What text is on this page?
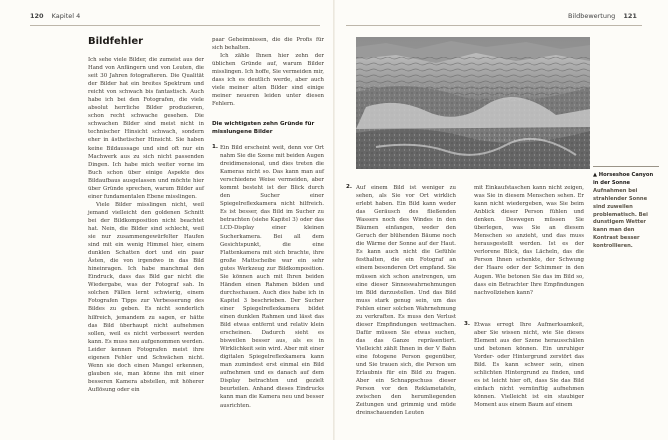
120 Kapitel 4	Bildbewertung 121
Bildfehler

Ich sehe viele Bilder, die zumeist aus der Hand von Anfängern und von Leuten, die seit 30 Jahren fotografieren. Die Qualität der Bilder hat ein breites Spektrum und reicht von schwach bis fantastisch. Auch habe ich bei den Fotografen, die viele absolut herrliche Bilder produzieren, schon recht schwache gesehen. Die schwachen Bilder sind meist nicht in technischer Hinsicht schwach, sondern eher in ästhetischer Hinsicht. Sie haben keine Bildaussage und sind oft nur ein Machwerk aus zu sich nicht passenden Dingen. Ich habe mich weiter vorne im Buch schon über einige Aspekte des Bildaufbaus ausgelassen und möchte hier über Gründe sprechen, warum Bilder auf einer fundamentalen Ebene misslingen.

Viele Bilder misslingen nicht, weil jemand vielleicht den goldenen Schnitt bei der Bildkomposition nicht beachtet hat. Nein, die Bilder sind schlecht, weil sie nur zusammengewürfelter Haufen sind mit ein wenig Himmel hier, einem dunklen Schatten dort und ein paar Ästen, die von irgendwo in das Bild hineinragen. Ich habe manchmal den Eindruck, dass das Bild gar nicht die Wiedergabe, was der Fotograf sah. In solchen Fällen lernt schwierig, einem Fotografen Tipps zur Verbesserung des Bildes zu geben. Es nicht sonderlich hilfreich, jemandem zu sagen, er hätte das Bild überhaupt nicht aufnehmen sollen, weil es nicht verbessert werden kann. Es muss neu aufgenommen werden. Leider kennen Fotografen meist ihre eigenen Fehler und Schwächen nicht. Wenn sie doch einen Mangel erkennen, glauben sie, man könne ihn mit einer besseren Kamera abstellen, mit höherer Auflösung oder ein

paar Geheimnissen, die die Profis für sich behalten.

Ich zähle Ihnen hier zehn der üblichen Gründe auf, warum Bilder misslingen. Ich hoffe, Sie vermeiden mir, dass ich es deutlich werde, aber auch viele meiner alten Bilder sind einige meiner neueren leiden unter diesen Fehlern.

Die wichtigsten zehn Gründe für misslungene Bilder
1. Ein Bild erscheint weit, denn vor Ort nahm Sie die Szene mit beiden Augen dreidimensional, und dies treten die Kameras nicht so. Das kann man auf verschiedene Weise vermeiden, aber kommt besteht ist der Blick durch den Sucher einer Spiegelreflexkamera nicht hilfreich. Es ist besser, das Bild im Sucher zu betrachten (siehe Kapitel 3) oder das LCD-Display einer kleinen Sucherkamera. Bei all dem Gesichtspunkt, die eine Flattenkamera mit sich brachte, ihre große Mattscheibe war ein sehr gutes Werkzeug zur Bildkomposition. Sie können auch mit Ihren beiden Händen einen Rahmen bilden und durchschauen. Auch dies habe ich in Kapitel 3 beschrieben. Der Sucher einer Spiegelreflexkamera bildet einen dunklen Rahmen und lässt das Bild etwas entfernt und relativ klein erscheinen. Dadurch sieht es bisweilen besser aus, als es in Wirklichkeit sein wird. Aber mit einer digitalen Spiegelreflexkamera kann man zumindest erst einmal ein Bild aufnehmen und es danach auf dem Display betrachten und gezielt beurteilen. Anhand dieses Eindrucks kann man die Kamera neu und besser ausrichten.

▲ Horseshoe Canyon in der Sonne
Aufnahmen bei strahlender Sonne sind zuweilen problematisch. Bei dunstigem Wetter kann man den Kontrast besser kontrollieren.
2. Auf einem Bild ist weniger zu sehen, als Sie vor Ort wirklich erlebt haben. Ein Bild kann weder das Geräusch des fließenden Wassers noch des Windes in den Bäumen einfangen, weder den Geruch der blühenden Bäume noch die Wärme der Sonne auf der Haut. Es kann auch nicht die Gefühle festhalten, die ein Fotograf an einem besonderen Ort empfand. Sie müssen sich schon anstrengen, um eine dieser Sinneswahrnehmungen im Bild darzustellen. Und das Bild muss stark genug sein, um das Fehlen einer solchen Wahrnehmung zu verkraften. Es muss den Verlust dieser Empfindungen wettmachen. Dafür müssen Sie etwas suchen, das das Ganze repräsentiert. Vielleicht zählt Ihnen in der V Bahn eine fotogene Person gegenüber, und Sie trauen sich, die Person um Erlaubnis für ein Bild zu fragen. Aber ein Schnappschuss dieser Person vor den Reklametafeln, zwischen den herumliegenden Zeitungen und grimmig und müde dreinschauenden Leuten

mit Einkaufstaschen kann nicht zeigen, was Sie in diesem Menschen sehen. Er kann nicht wiedergeben, was Sie beim Anblick dieser Person fühlen und denken. Deswegen müssen Sie überlegen, was Sie an diesem Menschen so anzieht, und das muss herausgestellt werden. Ist es der verlorene Blick, das Lächeln, das die Person Ihnen schenkte, der Schwung der Haare oder der Schimmer in den Augen. Wie betonen Sie das im Bild so, dass ein Betrachter Ihre Empfindungen nachvollziehen kann?

3. Etwas erregt Ihre Aufmerksamkeit, aber Sie wissen nicht, wie Sie dieses Element aus der Szene herausschälen und betonen können. Ein unruhiger Vorder- oder Hintergrund zerstört das Bild. Es kann schwer sein, einen schlichten Hintergrund zu finden, und es ist leicht hier oft, dass Sie das Bild einfach nicht vernünftig aufnehmen können. Vielleicht ist ein staubiger Moment aus einem Baum auf einem
